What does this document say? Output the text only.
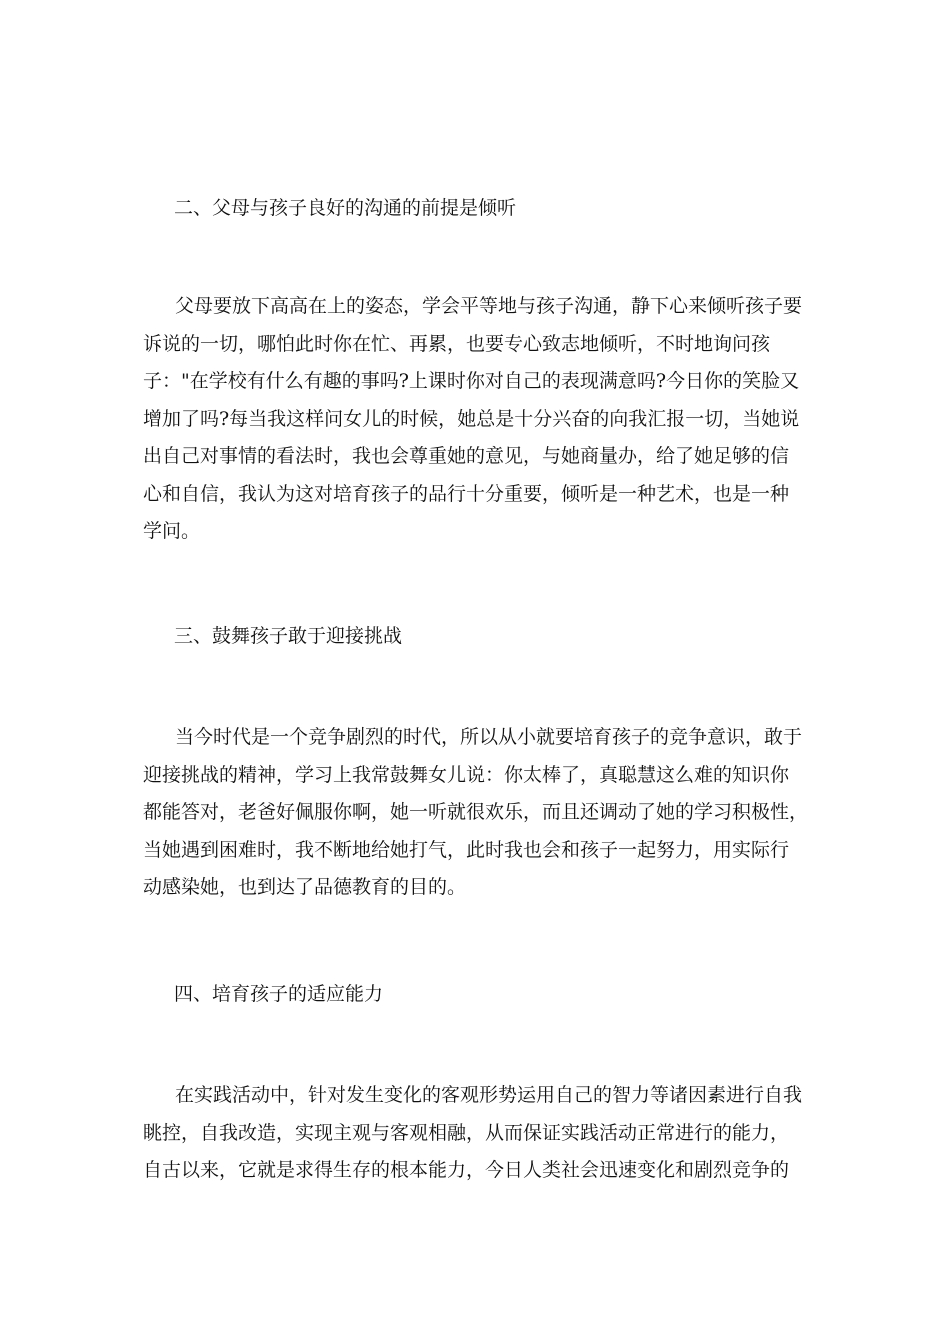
二、父母与孩子良好的沟通的前提是倾听
父母要放下高高在上的姿态，学会平等地与孩子沟通，静下心来倾听孩子要
诉说的一切，哪怕此时你在忙、再累，也要专心致志地倾听，不时地询问孩
子："在学校有什么有趣的事吗?上课时你对自己的表现满意吗?今日你的笑脸又
增加了吗?每当我这样问女儿的时候，她总是十分兴奋的向我汇报一切，当她说
出自己对事情的看法时，我也会尊重她的意见，与她商量办，给了她足够的信
心和自信，我认为这对培育孩子的品行十分重要，倾听是一种艺术，也是一种
学问。
三、鼓舞孩子敢于迎接挑战
当今时代是一个竞争剧烈的时代，所以从小就要培育孩子的竞争意识，敢于
迎接挑战的精神，学习上我常鼓舞女儿说：你太棒了，真聪慧这么难的知识你
都能答对，老爸好佩服你啊，她一听就很欢乐，而且还调动了她的学习积极性，
当她遇到困难时，我不断地给她打气，此时我也会和孩子一起努力，用实际行
动感染她，也到达了品德教育的目的。
四、培育孩子的适应能力
在实践活动中，针对发生变化的客观形势运用自己的智力等诸因素进行自我
眺控，自我改造，实现主观与客观相融，从而保证实践活动正常进行的能力，
自古以来，它就是求得生存的根本能力，今日人类社会迅速变化和剧烈竞争的
